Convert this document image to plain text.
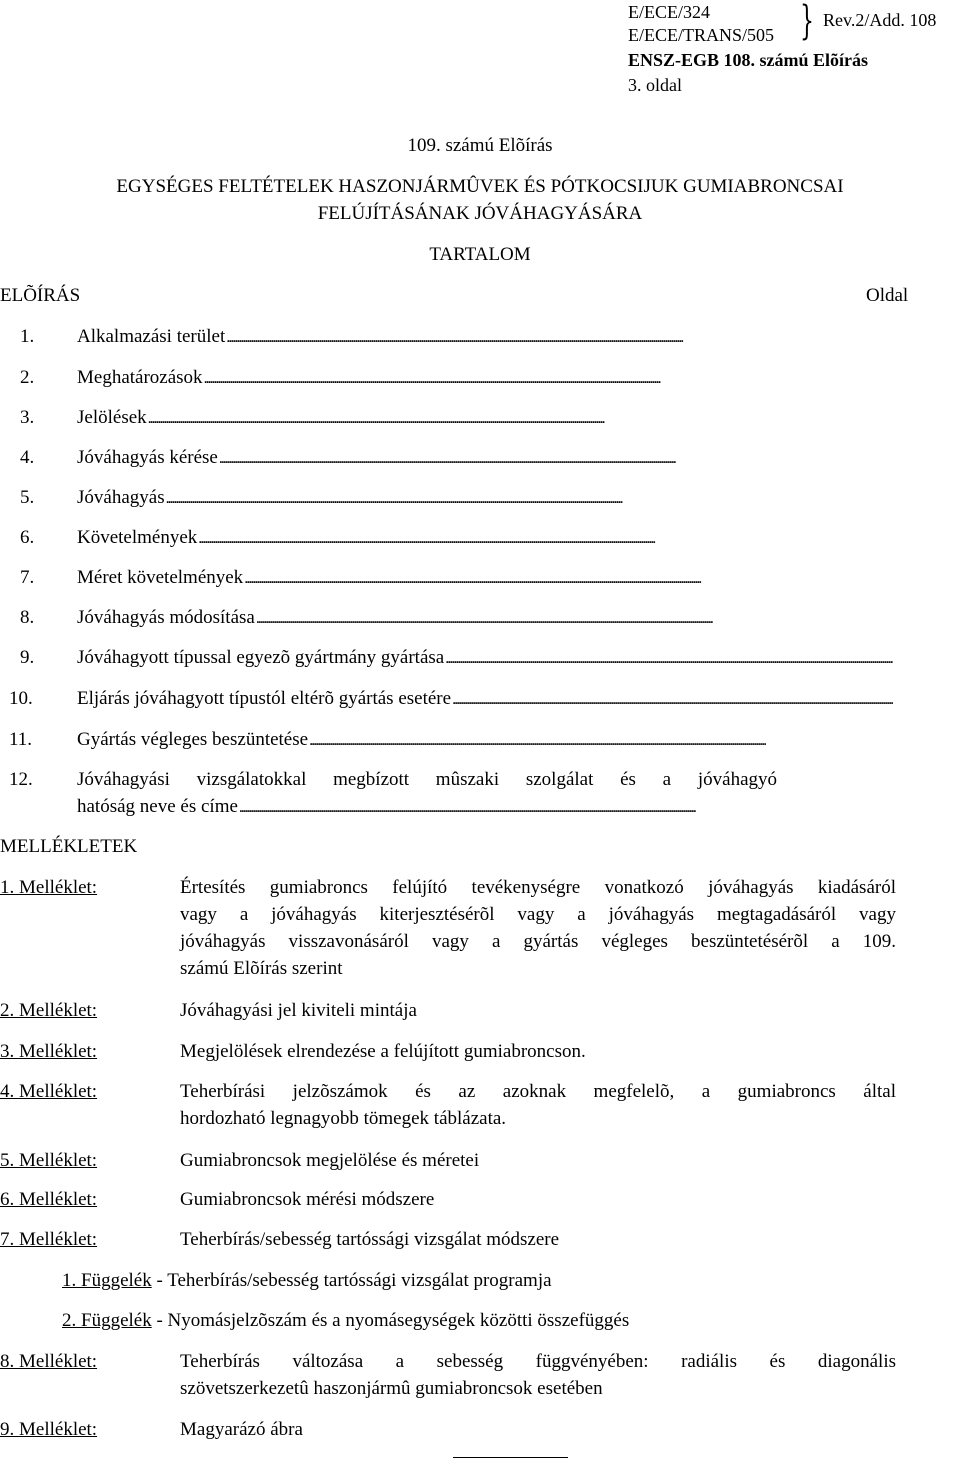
E/ECE/324
E/ECE/TRANS/505 } Rev.2/Add. 108
ENSZ-EGB 108. számú Elõírás
3. oldal
109. számú Elõírás
EGYSÉGES FELTÉTELEK HASZONJÁRMÛVEK ÉS PÓTKOCSIJUK GUMIABRONCSAI
FELÚJÍTÁSÁNAK JÓVÁHAGYÁSÁRA
TARTALOM
ELÕÍRÁS	Oldal
1. Alkalmazási terület . . .
2. Meghatározások . . .
3. Jelölések . . .
4. Jóváhagyás kérése . . .
5. Jóváhagyás . . .
6. Követelmények . . .
7. Méret követelmények . . .
8. Jóváhagyás módosítása . . .
9. Jóváhagyott típussal egyezõ gyártmány gyártása . . .
10. Eljárás jóváhagyott típustól eltérõ gyártás esetére . . .
11. Gyártás végleges beszüntetése . . .
12. Jóváhagyási vizsgálatokkal megbízott mûszaki szolgálat és a jóváhagyó
hatóság neve és címe . . .
MELLÉKLETEK
1. Melléklet:	Értesítés gumiabroncs felújító tevékenységre vonatkozó jóváhagyás kiadásáról
vagy a jóváhagyás kiterjesztésérõl vagy a jóváhagyás megtagadásáról vagy
jóváhagyás visszavonásáról vagy a gyártás végleges beszüntetésérõl a 109.
számú Elõírás szerint
2. Melléklet:	Jóváhagyási jel kiviteli mintája
3. Melléklet:	Megjelölések elrendezése a felújított gumiabroncson.
4. Melléklet:	Teherbírási jelzõszámok és az azoknak megfelelõ, a gumiabroncs által
hordozható legnagyobb tömegek táblázata.
5. Melléklet:	Gumiabroncsok megjelölése és méretei
6. Melléklet:	Gumiabroncsok mérési módszere
7. Melléklet:	Teherbírás/sebesség tartóssági vizsgálat módszere
1. Függelék - Teherbírás/sebesség tartóssági vizsgálat programja
2. Függelék - Nyomásjelzõszám és a nyomásegységek közötti összefüggés
8. Melléklet:	Teherbírás változása a sebesség függvényében: radiális és diagonális
szövetszerkezetû haszonjármû gumiabroncsok esetében
9. Melléklet:	Magyarázó ábra
